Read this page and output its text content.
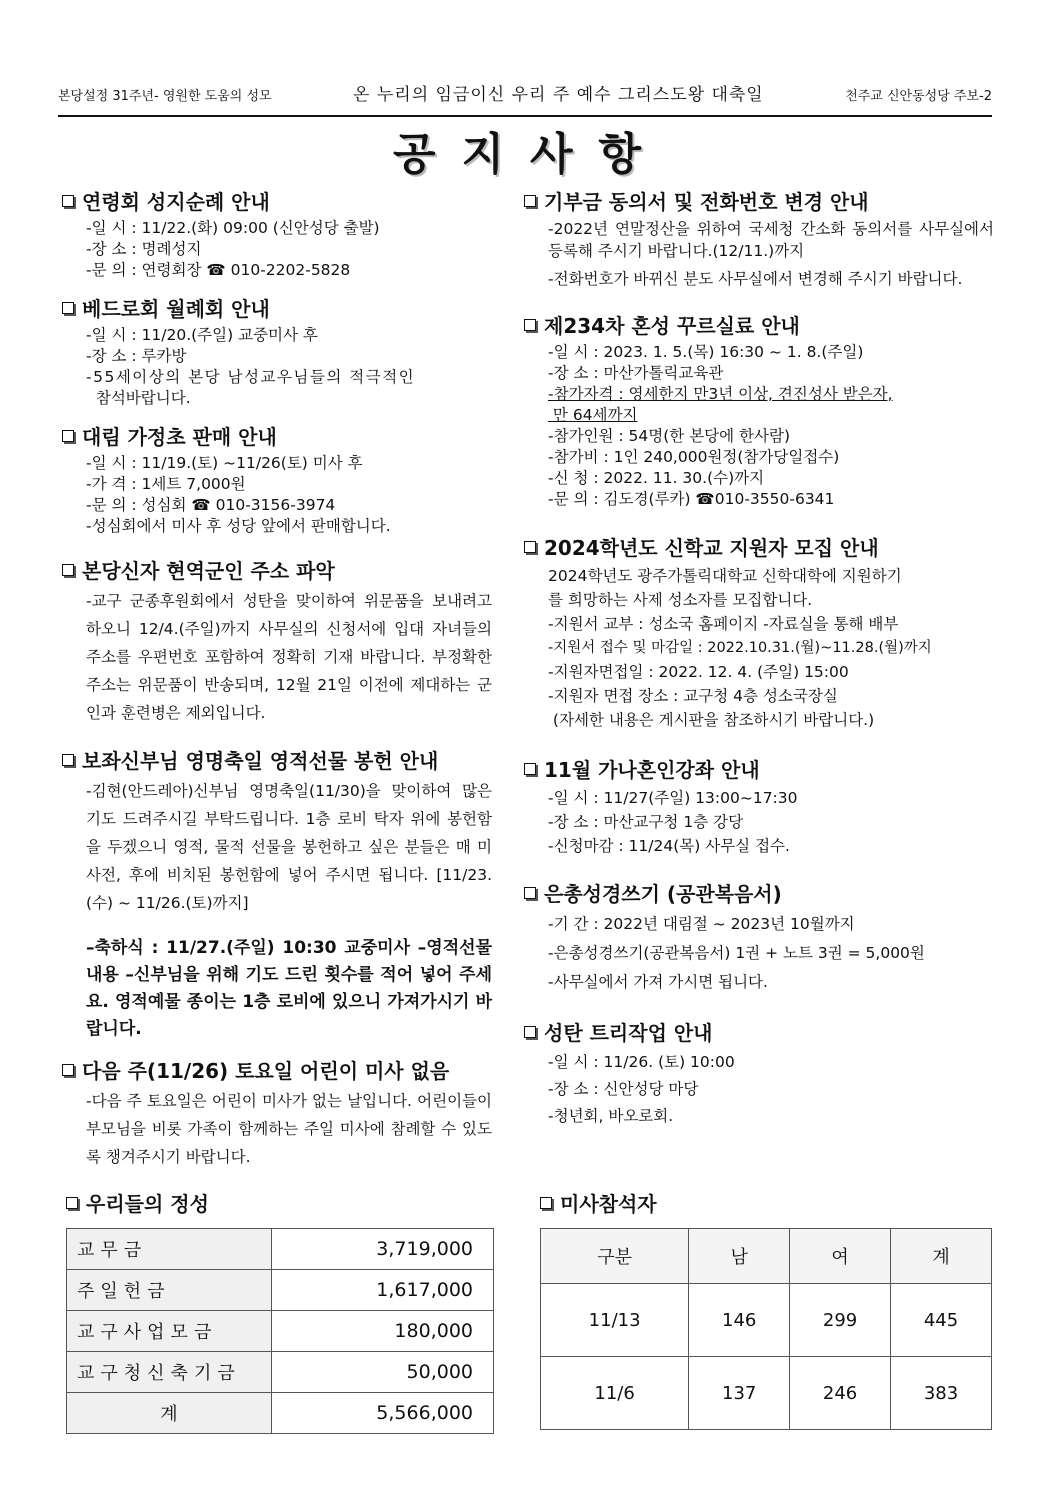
본당설정 31주년- 영원한 도움의 성모	온 누리의 임금이신 우리 주 예수 그리스도왕 대축일	천주교 신안동성당 주보-2
공지사항
연령회 성지순례 안내
-일 시 : 11/22.(화) 09:00 (신안성당 출발)
-장 소 : 명례성지
-문 의 : 연령회장 ☎ 010-2202-5828
베드로회 월례회 안내
-일 시 : 11/20.(주일) 교중미사 후
-장 소 : 루카방
-55세이상의 본당 남성교우님들의 적극적인
참석바랍니다.
대림 가정초 판매 안내
-일 시 : 11/19.(토) ~11/26(토) 미사 후
-가 격 : 1세트 7,000원
-문 의 : 성심회 ☎ 010-3156-3974
-성심회에서 미사 후 성당 앞에서 판매합니다.
본당신자 현역군인 주소 파악
-교구 군종후원회에서 성탄을 맞이하여 위문품을 보내려고 하오니 12/4.(주일)까지 사무실의 신청서에 입대 자녀들의 주소를 우편번호 포함하여 정확히 기재 바랍니다. 부정확한 주소는 위문품이 반송되며, 12월 21일 이전에 제대하는 군인과 훈련병은 제외입니다.
보좌신부님 영명축일 영적선물 봉헌 안내
-김현(안드레아)신부님 영명축일(11/30)을 맞이하여 많은 기도 드려주시길 부탁드립니다. 1층 로비 탁자 위에 봉헌함을 두겠으니 영적, 물적 선물을 봉헌하고 싶은 분들은 매 미사전, 후에 비치된 봉헌함에 넣어 주시면 됩니다. [11/23.(수) ~ 11/26.(토)까지]
–축하식 : 11/27.(주일) 10:30 교중미사 –영적선물 내용 –신부님을 위해 기도 드린 횟수를 적어 넣어 주세요. 영적예물 종이는 1층 로비에 있으니 가져가시기 바랍니다.
다음 주(11/26) 토요일 어린이 미사 없음
-다음 주 토요일은 어린이 미사가 없는 날입니다. 어린이들이 부모님을 비롯 가족이 함께하는 주일 미사에 참례할 수 있도록 챙겨주시기 바랍니다.
기부금 동의서 및 전화번호 변경 안내
-2022년 연말정산을 위하여 국세청 간소화 동의서를 사무실에서 등록해 주시기 바랍니다.(12/11.)까지
-전화번호가 바뀌신 분도 사무실에서 변경해 주시기 바랍니다.
제234차 혼성 꾸르실료 안내
-일 시 : 2023. 1. 5.(목) 16:30 ~ 1. 8.(주일)
-장 소 : 마산가톨릭교육관
-참가자격 : 영세한지 만3년 이상, 견진성사 받은자,
만 64세까지
-참가인원 : 54명(한 본당에 한사람)
-참가비 : 1인 240,000원정(참가당일접수)
-신 청 : 2022. 11. 30.(수)까지
-문 의 : 김도경(루카) ☎010-3550-6341
2024학년도 신학교 지원자 모집 안내
2024학년도 광주가톨릭대학교 신학대학에 지원하기
를 희망하는 사제 성소자를 모집합니다.
-지원서 교부 : 성소국 홈페이지 -자료실을 통해 배부
-지원서 접수 및 마감일 : 2022.10.31.(월)~11.28.(월)까지
-지원자면접일 : 2022. 12. 4. (주일) 15:00
-지원자 면접 장소 : 교구청 4층 성소국장실
(자세한 내용은 게시판을 참조하시기 바랍니다.)
11월 가나혼인강좌 안내
-일 시 : 11/27(주일) 13:00~17:30
-장 소 : 마산교구청 1층 강당
-신청마감 : 11/24(목) 사무실 접수.
은총성경쓰기 (공관복음서)
-기 간 : 2022년 대림절 ~ 2023년 10월까지
-은총성경쓰기(공관복음서) 1권 + 노트 3권 = 5,000원
-사무실에서 가져 가시면 됩니다.
성탄 트리작업 안내
-일 시 : 11/26. (토) 10:00
-장 소 : 신안성당 마당
-청년회, 바오로회.
우리들의 정성
교무금	3,719,000
주일헌금	1,617,000
교구사업모금	180,000
교구청신축기금	50,000
계	5,566,000
미사참석자
구분	남	여	계
11/13	146	299	445
11/6	137	246	383
